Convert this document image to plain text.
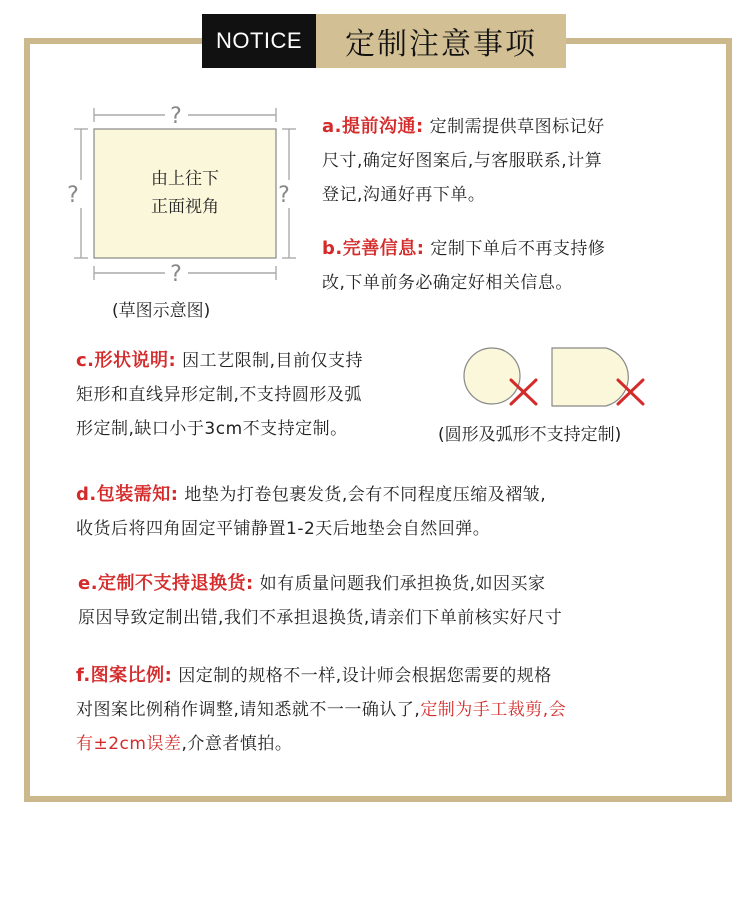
NOTICE	定制注意事项
?
?
?	?
由上往下
正面视角
(草图示意图)
a.提前沟通: 定制需提供草图标记好
尺寸,确定好图案后,与客服联系,计算
登记,沟通好再下单。
b.完善信息: 定制下单后不再支持修
改,下单前务必确定好相关信息。
c.形状说明: 因工艺限制,目前仅支持
矩形和直线异形定制,不支持圆形及弧
形定制,缺口小于3cm不支持定制。	(圆形及弧形不支持定制)
d.包装需知: 地垫为打卷包裹发货,会有不同程度压缩及褶皱,
收货后将四角固定平铺静置1-2天后地垫会自然回弹。
e.定制不支持退换货: 如有质量问题我们承担换货,如因买家
原因导致定制出错,我们不承担退换货,请亲们下单前核实好尺寸
f.图案比例: 因定制的规格不一样,设计师会根据您需要的规格
对图案比例稍作调整,请知悉就不一一确认了,定制为手工裁剪,会
有±2cm误差,介意者慎拍。
